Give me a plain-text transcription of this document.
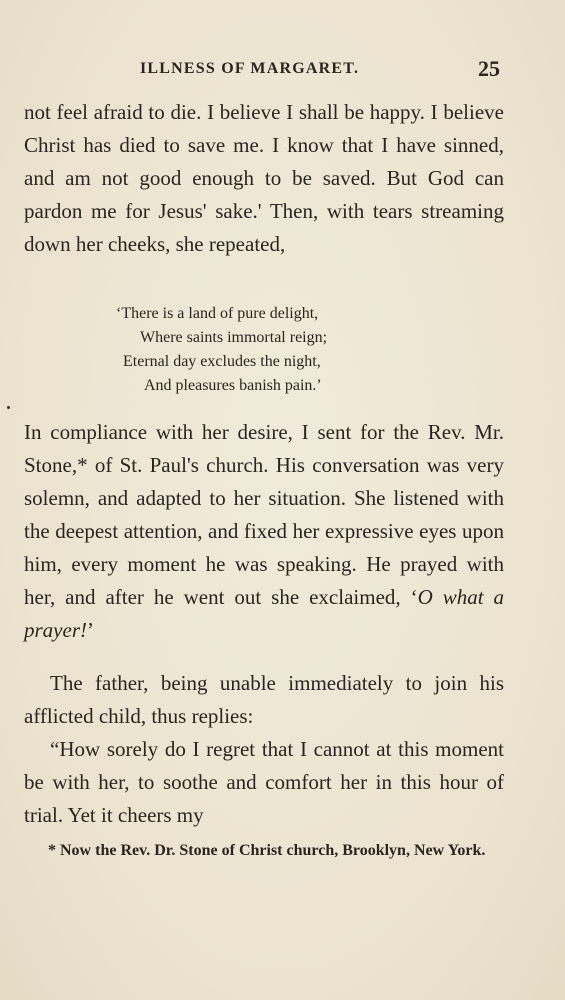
ILLNESS OF MARGARET.	25

not feel afraid to die. I believe I shall be happy. I believe Christ has died to save me. I know that I have sinned, and am not good enough to be saved. But God can pardon me for Jesus' sake.' Then, with tears streaming down her cheeks, she repeated,

‘There is a land of pure delight,
Where saints immortal reign;
Eternal day excludes the night,
And pleasures banish pain.’

In compliance with her desire, I sent for the Rev. Mr. Stone,* of St. Paul's church. His conversation was very solemn, and adapted to her situation. She listened with the deepest attention, and fixed her expressive eyes upon him, every moment he was speaking. He prayed with her, and after he went out she exclaimed, ‘O what a prayer!’

The father, being unable immediately to join his afflicted child, thus replies:

“How sorely do I regret that I cannot at this moment be with her, to soothe and comfort her in this hour of trial. Yet it cheers my

* Now the Rev. Dr. Stone of Christ church, Brooklyn, New York.
